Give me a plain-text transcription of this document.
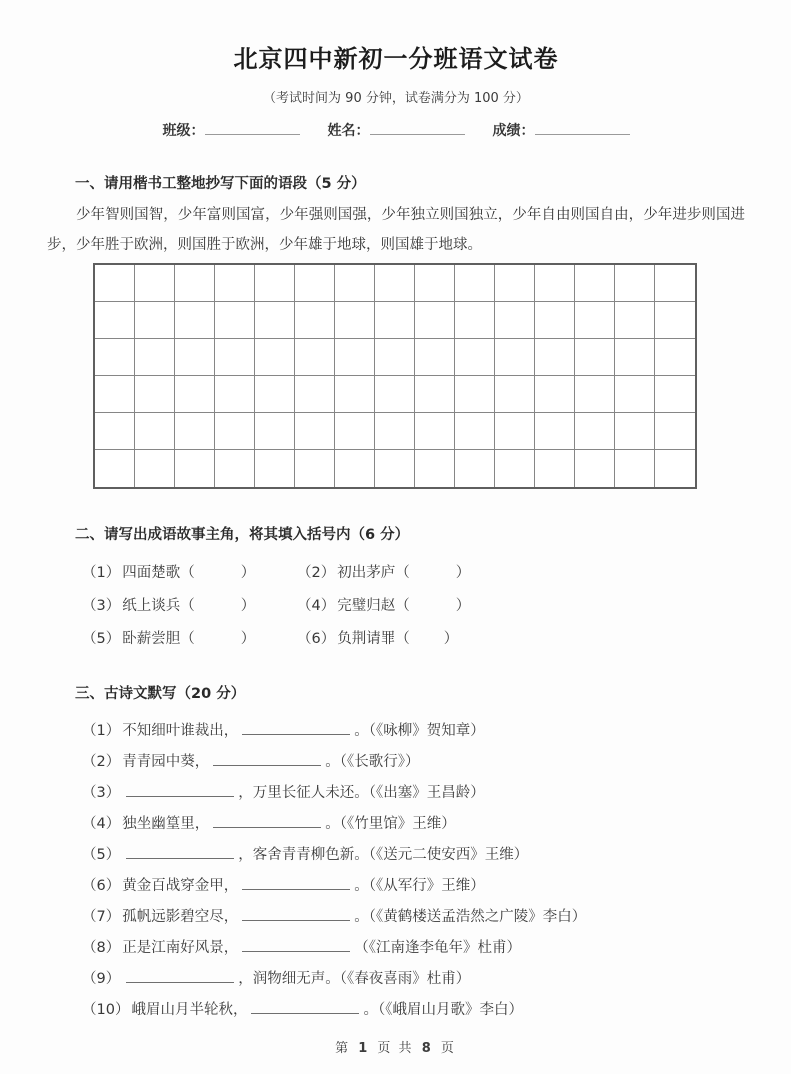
北京四中新初一分班语文试卷
（考试时间为 90 分钟，试卷满分为 100 分）
班级：	姓名：	成绩：
一、请用楷书工整地抄写下面的语段（5 分）
少年智则国智，少年富则国富，少年强则国强，少年独立则国独立，少年自由则国自由，少年进步则国进步，少年胜于欧洲，则国胜于欧洲，少年雄于地球，则国雄于地球。
二、请写出成语故事主角，将其填入括号内（6 分）
（1） 四面楚歌（	）	（2） 初出茅庐（	）
（3） 纸上谈兵（	）	（4） 完璧归赵（	）
（5） 卧薪尝胆（	）	（6） 负荆请罪（ ）
三、古诗文默写（20 分）
（1） 不知细叶谁裁出，	。（《咏柳》贺知章）
（2） 青青园中葵，	。（《长歌行》）
（3）	，万里长征人未还。（《出塞》王昌龄）
（4） 独坐幽篁里，	。（《竹里馆》王维）
（5）	，客舍青青柳色新。（《送元二使安西》王维）
（6） 黄金百战穿金甲，	。（《从军行》王维）
（7） 孤帆远影碧空尽，	。（《黄鹤楼送孟浩然之广陵》李白）
（8） 正是江南好风景，	（《江南逢李龟年》杜甫）
（9）	，润物细无声。（《春夜喜雨》杜甫）
（10） 峨眉山月半轮秋，	。（《峨眉山月歌》李白）
第 1 页 共 8 页
